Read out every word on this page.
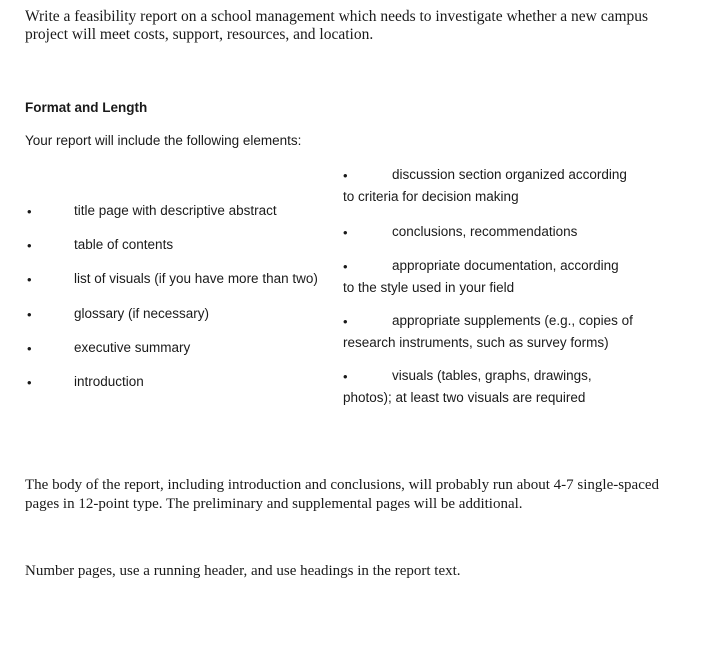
Write a feasibility report on a school management which needs to investigate whether a new campus project will meet costs, support, resources, and location.
Format and Length
Your report will include the following elements:
•	title page with descriptive abstract
•	table of contents
•	list of visuals (if you have more than two)
•	glossary (if necessary)
•	executive summary
•	introduction
•	discussion section organized according
to criteria for decision making
•	conclusions, recommendations
•	appropriate documentation, according
to the style used in your field
•	appropriate supplements (e.g., copies of
research instruments, such as survey forms)
•	visuals (tables, graphs, drawings,
photos); at least two visuals are required
The body of the report, including introduction and conclusions, will probably run about 4-7 single-spaced pages in 12-point type. The preliminary and supplemental pages will be additional.
Number pages, use a running header, and use headings in the report text.
